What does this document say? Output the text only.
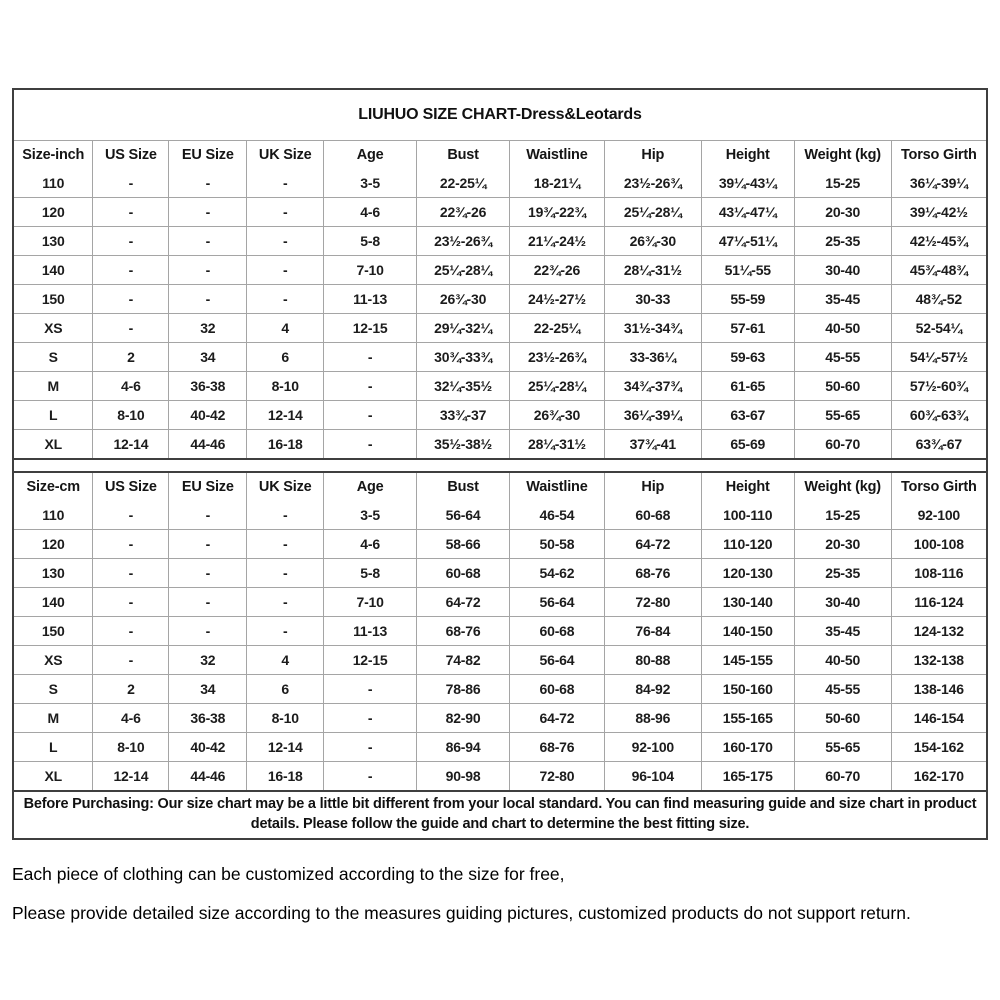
LIUHUO SIZE CHART-Dress&Leotards
Size-inch	US Size	EU Size	UK Size	Age	Bust	Waistline	Hip	Height	Weight (kg)	Torso Girth
110	-	-	-	3-5	22-25¼	18-21¼	23½-26¾	39¼-43¼	15-25	36¼-39¼
120	-	-	-	4-6	22¾-26	19¾-22¾	25¼-28¼	43¼-47¼	20-30	39¼-42½
130	-	-	-	5-8	23½-26¾	21¼-24½	26¾-30	47¼-51¼	25-35	42½-45¾
140	-	-	-	7-10	25¼-28¼	22¾-26	28¼-31½	51¼-55	30-40	45¾-48¾
150	-	-	-	11-13	26¾-30	24½-27½	30-33	55-59	35-45	48¾-52
XS	-	32	4	12-15	29¼-32¼	22-25¼	31½-34¾	57-61	40-50	52-54¼
S	2	34	6	-	30¾-33¾	23½-26¾	33-36¼	59-63	45-55	54¼-57½
M	4-6	36-38	8-10	-	32¼-35½	25¼-28¼	34¾-37¾	61-65	50-60	57½-60¾
L	8-10	40-42	12-14	-	33¾-37	26¾-30	36¼-39¼	63-67	55-65	60¾-63¾
XL	12-14	44-46	16-18	-	35½-38½	28¼-31½	37¾-41	65-69	60-70	63¾-67
Size-cm	US Size	EU Size	UK Size	Age	Bust	Waistline	Hip	Height	Weight (kg)	Torso Girth
110	-	-	-	3-5	56-64	46-54	60-68	100-110	15-25	92-100
120	-	-	-	4-6	58-66	50-58	64-72	110-120	20-30	100-108
130	-	-	-	5-8	60-68	54-62	68-76	120-130	25-35	108-116
140	-	-	-	7-10	64-72	56-64	72-80	130-140	30-40	116-124
150	-	-	-	11-13	68-76	60-68	76-84	140-150	35-45	124-132
XS	-	32	4	12-15	74-82	56-64	80-88	145-155	40-50	132-138
S	2	34	6	-	78-86	60-68	84-92	150-160	45-55	138-146
M	4-6	36-38	8-10	-	82-90	64-72	88-96	155-165	50-60	146-154
L	8-10	40-42	12-14	-	86-94	68-76	92-100	160-170	55-65	154-162
XL	12-14	44-46	16-18	-	90-98	72-80	96-104	165-175	60-70	162-170
Before Purchasing: Our size chart may be a little bit different from your local standard. You can find measuring guide and size chart in product details. Please follow the guide and chart to determine the best fitting size.

Each piece of clothing can be customized according to the size for free,

Please provide detailed size according to the measures guiding pictures, customized products do not support return.
